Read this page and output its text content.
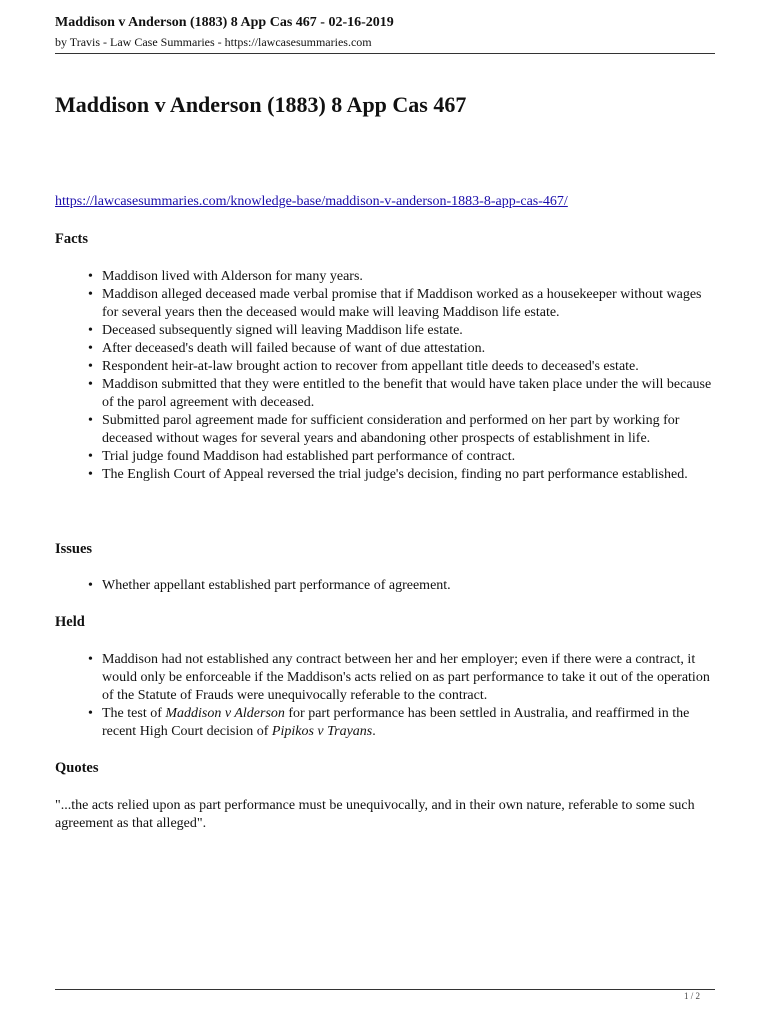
Maddison v Anderson (1883) 8 App Cas 467 - 02-16-2019
by Travis - Law Case Summaries - https://lawcasesummaries.com
Maddison v Anderson (1883) 8 App Cas 467
https://lawcasesummaries.com/knowledge-base/maddison-v-anderson-1883-8-app-cas-467/
Facts
• Maddison lived with Alderson for many years.
• Maddison alleged deceased made verbal promise that if Maddison worked as a housekeeper without wages for several years then the deceased would make will leaving Maddison life estate.
• Deceased subsequently signed will leaving Maddison life estate.
• After deceased's death will failed because of want of due attestation.
• Respondent heir-at-law brought action to recover from appellant title deeds to deceased's estate.
• Maddison submitted that they were entitled to the benefit that would have taken place under the will because of the parol agreement with deceased.
• Submitted parol agreement made for sufficient consideration and performed on her part by working for deceased without wages for several years and abandoning other prospects of establishment in life.
• Trial judge found Maddison had established part performance of contract.
• The English Court of Appeal reversed the trial judge's decision, finding no part performance established.
Issues
• Whether appellant established part performance of agreement.
Held
• Maddison had not established any contract between her and her employer; even if there were a contract, it would only be enforceable if the Maddison's acts relied on as part performance to take it out of the operation of the Statute of Frauds were unequivocally referable to the contract.
• The test of Maddison v Alderson for part performance has been settled in Australia, and reaffirmed in the recent High Court decision of Pipikos v Trayans.
Quotes

"...the acts relied upon as part performance must be unequivocally, and in their own nature, referable to some such agreement as that alleged".

1 / 2
